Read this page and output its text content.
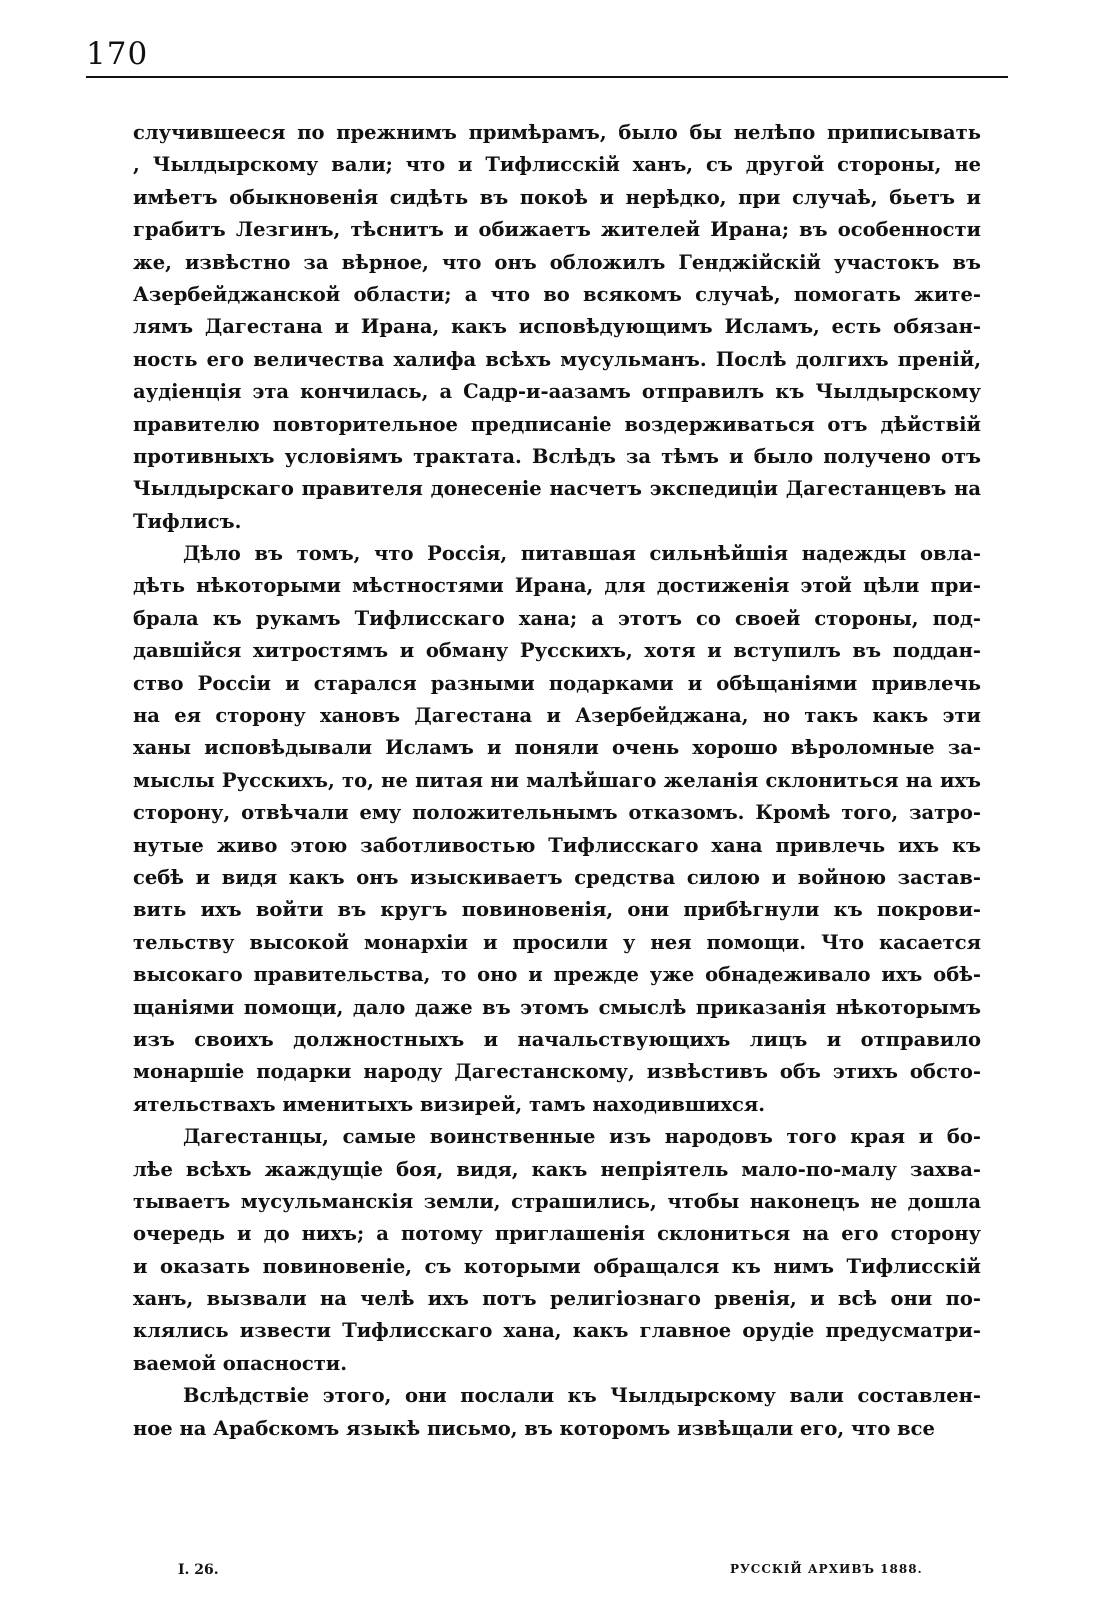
170
случившееся по прежнимъ примѣрамъ, было бы нелѣпо приписывать
, Чылдырскому вали; что и Тифлисскій ханъ, съ другой стороны, не
имѣетъ обыкновенія сидѣть въ покоѣ и нерѣдко, при случаѣ, бьетъ и
грабитъ Лезгинъ, тѣснитъ и обижаетъ жителей Ирана; въ особенности
же, извѣстно за вѣрное, что онъ обложилъ Генджійскій участокъ въ
Азербейджанской области; а что во всякомъ случаѣ, помогать жите-
лямъ Дагестана и Ирана, какъ исповѣдующимъ Исламъ, есть обязан-
ность его величества халифа всѣхъ мусульманъ. Послѣ долгихъ преній,
аудіенція эта кончилась, а Садр-и-аазамъ отправилъ къ Чылдырскому
правителю повторительное предписаніе воздерживаться отъ дѣйствій
противныхъ условіямъ трактата. Вслѣдъ за тѣмъ и было получено отъ
Чылдырскаго правителя донесеніе насчетъ экспедиціи Дагестанцевъ на
Тифлисъ.
Дѣло въ томъ, что Россія, питавшая сильнѣйшія надежды овла-
дѣть нѣкоторыми мѣстностями Ирана, для достиженія этой цѣли при-
брала къ рукамъ Тифлисскаго хана; а этотъ со своей стороны, под-
давшійся хитростямъ и обману Русскихъ, хотя и вступилъ въ поддан-
ство Россіи и старался разными подарками и обѣщаніями привлечь
на ея сторону хановъ Дагестана и Азербейджана, но такъ какъ эти
ханы исповѣдывали Исламъ и поняли очень хорошо вѣроломные за-
мыслы Русскихъ, то, не питая ни малѣйшаго желанія склониться на ихъ
сторону, отвѣчали ему положительнымъ отказомъ. Кромѣ того, затро-
нутые живо этою заботливостью Тифлисскаго хана привлечь ихъ къ
себѣ и видя какъ онъ изыскиваетъ средства силою и войною застав-
вить ихъ войти въ кругъ повиновенія, они прибѣгнули къ покрови-
тельству высокой монархіи и просили у нея помощи. Что касается
высокаго правительства, то оно и прежде уже обнадеживало ихъ обѣ-
щаніями помощи, дало даже въ этомъ смыслѣ приказанія нѣкоторымъ
изъ своихъ должностныхъ и начальствующихъ лицъ и отправило
монаршіе подарки народу Дагестанскому, извѣстивъ объ этихъ обсто-
ятельствахъ именитыхъ визирей, тамъ находившихся.
Дагестанцы, самые воинственные изъ народовъ того края и бо-
лѣе всѣхъ жаждущіе боя, видя, какъ непріятель мало-по-малу захва-
тываетъ мусульманскія земли, страшились, чтобы наконецъ не дошла
очередь и до нихъ; а потому приглашенія склониться на его сторону
и оказать повиновеніе, съ которыми обращался къ нимъ Тифлисскій
ханъ, вызвали на челѣ ихъ потъ религіознаго рвенія, и всѣ они по-
клялись извести Тифлисскаго хана, какъ главное орудіе предусматри-
ваемой опасности.
Вслѣдствіе этого, они послали къ Чылдырскому вали составлен-
ное на Арабскомъ языкѣ письмо, въ которомъ извѣщали его, что все
I. 26.	РУССКІЙ АРХИВЪ 1888.
